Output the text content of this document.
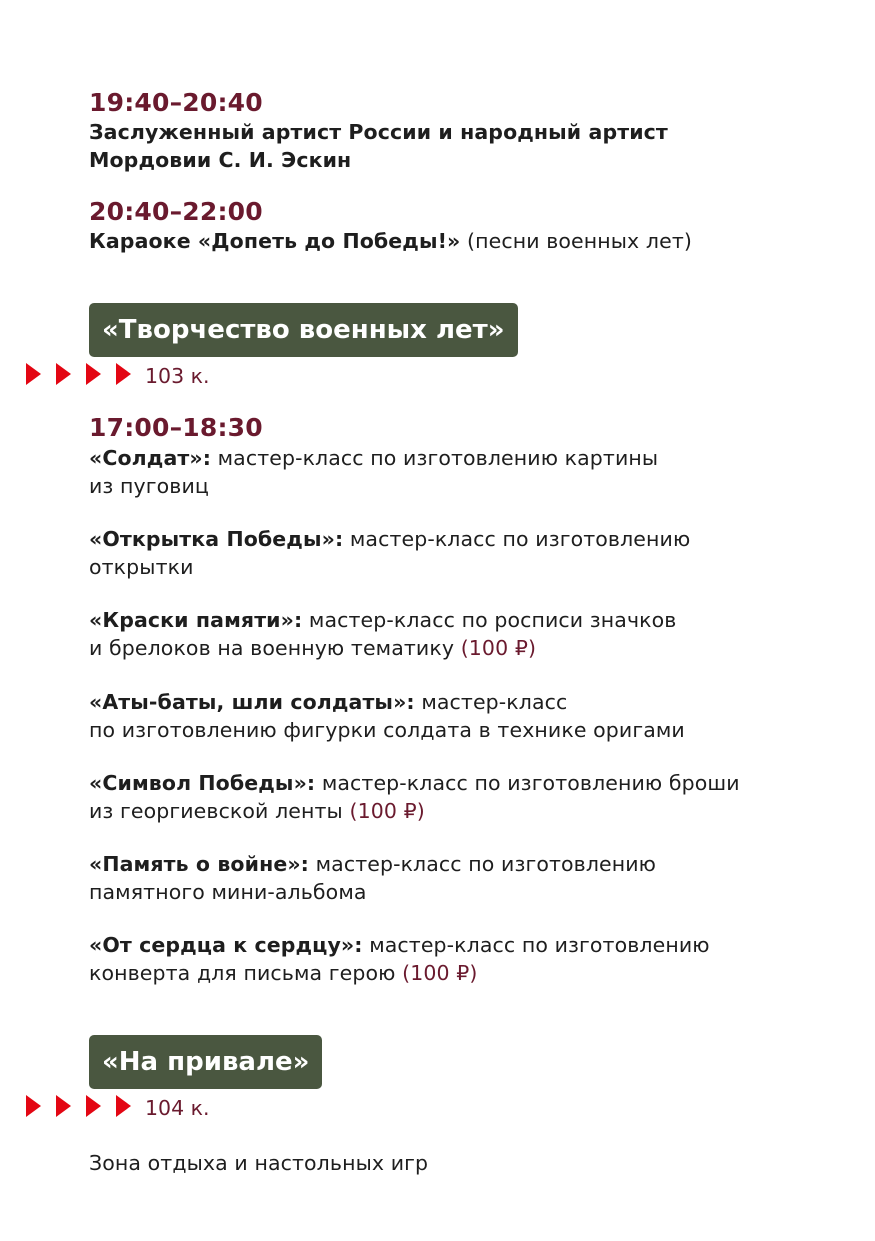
19:40–20:40
Заслуженный артист России и народный артист
Мордовии С. И. Эскин
20:40–22:00
Караоке «Допеть до Победы!» (песни военных лет)
«Творчество военных лет»
103 к.
17:00–18:30
«Солдат»: мастер-класс по изготовлению картины
из пуговиц
«Открытка Победы»: мастер-класс по изготовлению
открытки
«Краски памяти»: мастер-класс по росписи значков
и брелоков на военную тематику (100 ₽)
«Аты-баты, шли солдаты»: мастер-класс
по изготовлению фигурки солдата в технике оригами
«Символ Победы»: мастер-класс по изготовлению броши
из георгиевской ленты (100 ₽)
«Память о войне»: мастер-класс по изготовлению
памятного мини-альбома
«От сердца к сердцу»: мастер-класс по изготовлению
конверта для письма герою (100 ₽)
«На привале»
104 к.
Зона отдыха и настольных игр
